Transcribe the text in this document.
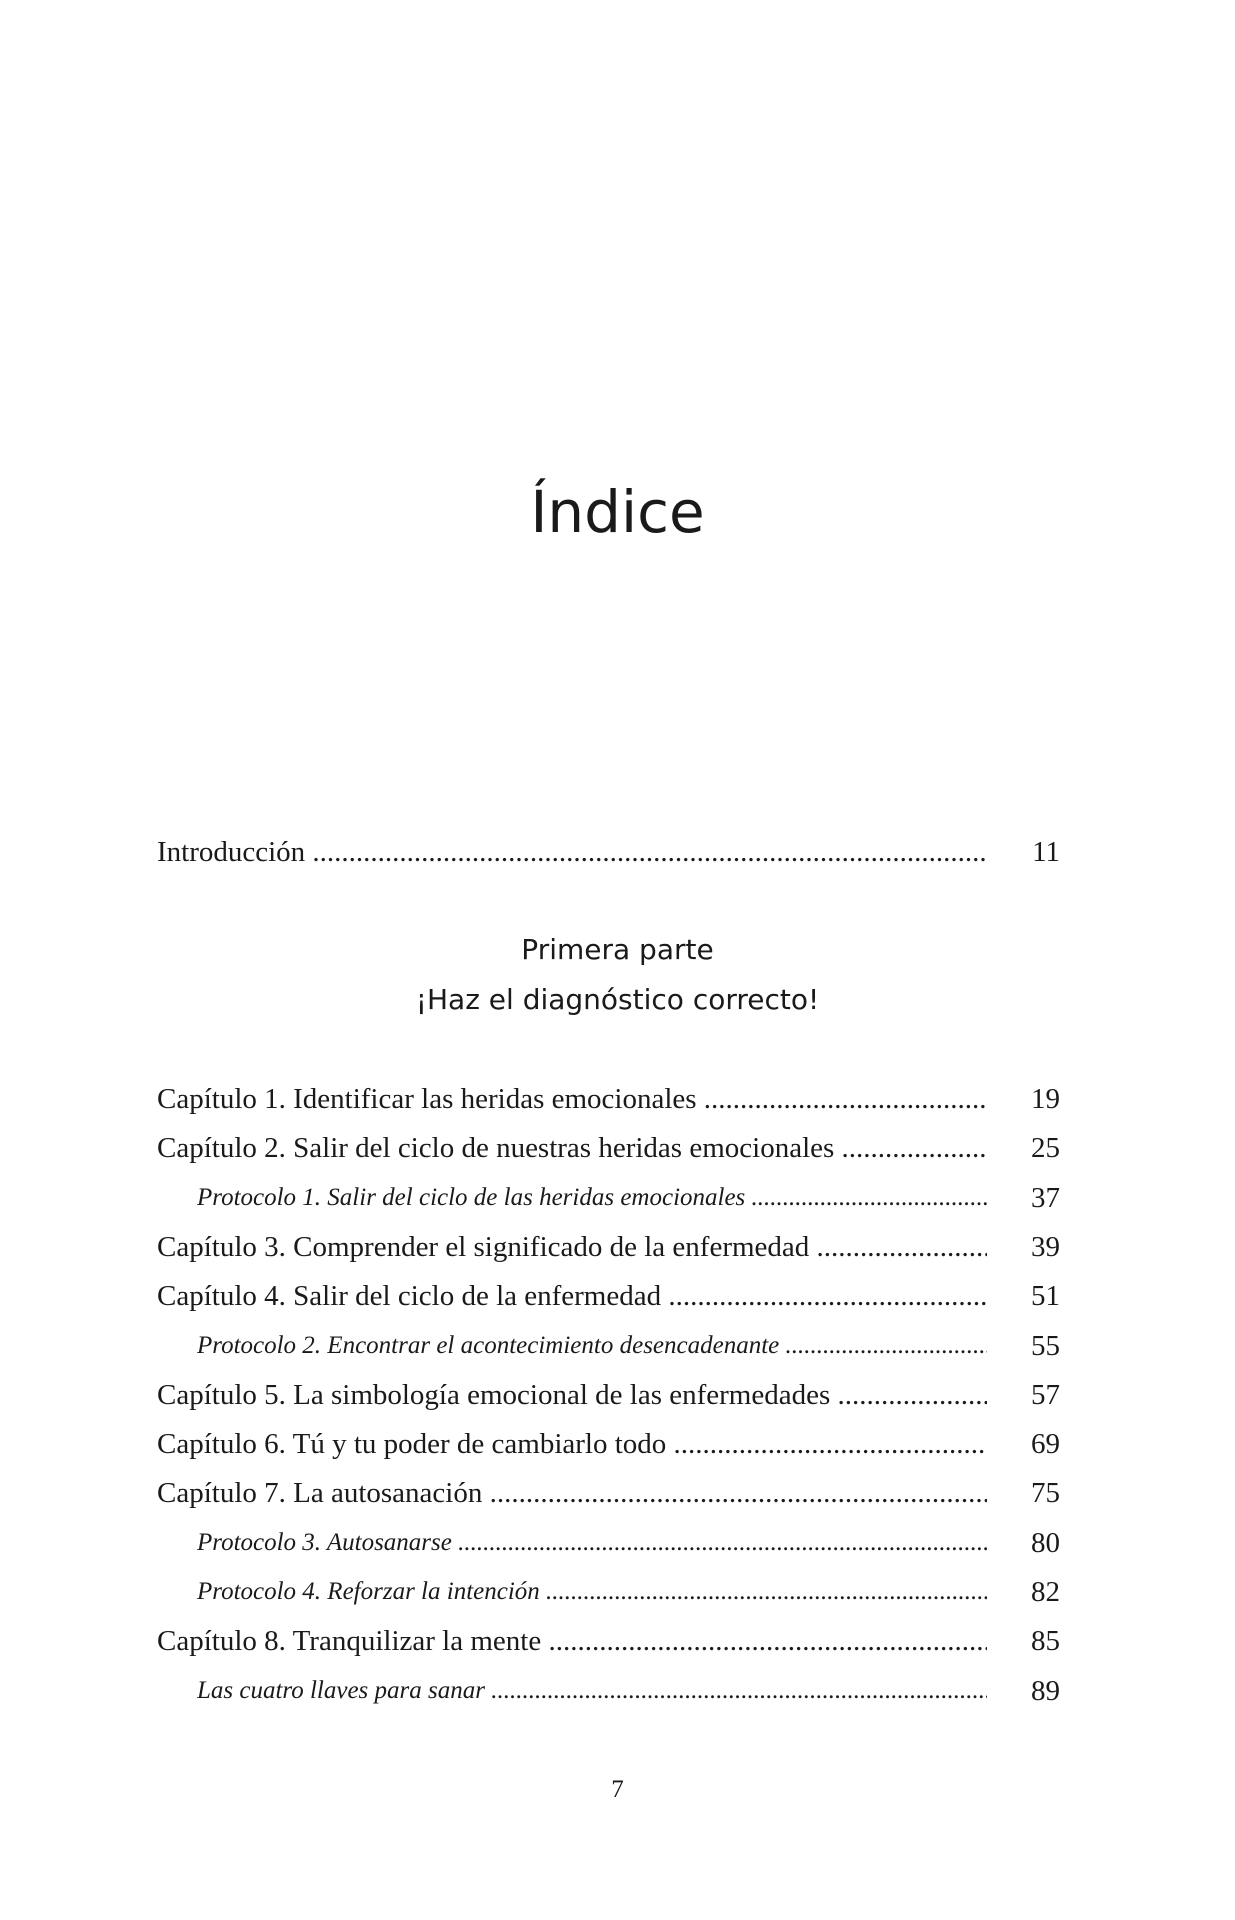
Índice
Primera parte
¡Haz el diagnóstico correcto!
Introducción .....	11
Capítulo 1. Identificar las heridas emocionales .....	19
Capítulo 2. Salir del ciclo de nuestras heridas emocionales .....	25
Protocolo 1. Salir del ciclo de las heridas emocionales .....	37
Capítulo 3. Comprender el significado de la enfermedad .....	39
Capítulo 4. Salir del ciclo de la enfermedad .....	51
Protocolo 2. Encontrar el acontecimiento desencadenante .....	55
Capítulo 5. La simbología emocional de las enfermedades .....	57
Capítulo 6. Tú y tu poder de cambiarlo todo .....	69
Capítulo 7. La autosanación .....	75
Protocolo 3. Autosanarse .....	80
Protocolo 4. Reforzar la intención .....	82
Capítulo 8. Tranquilizar la mente .....	85
Las cuatro llaves para sanar .....	89
7
